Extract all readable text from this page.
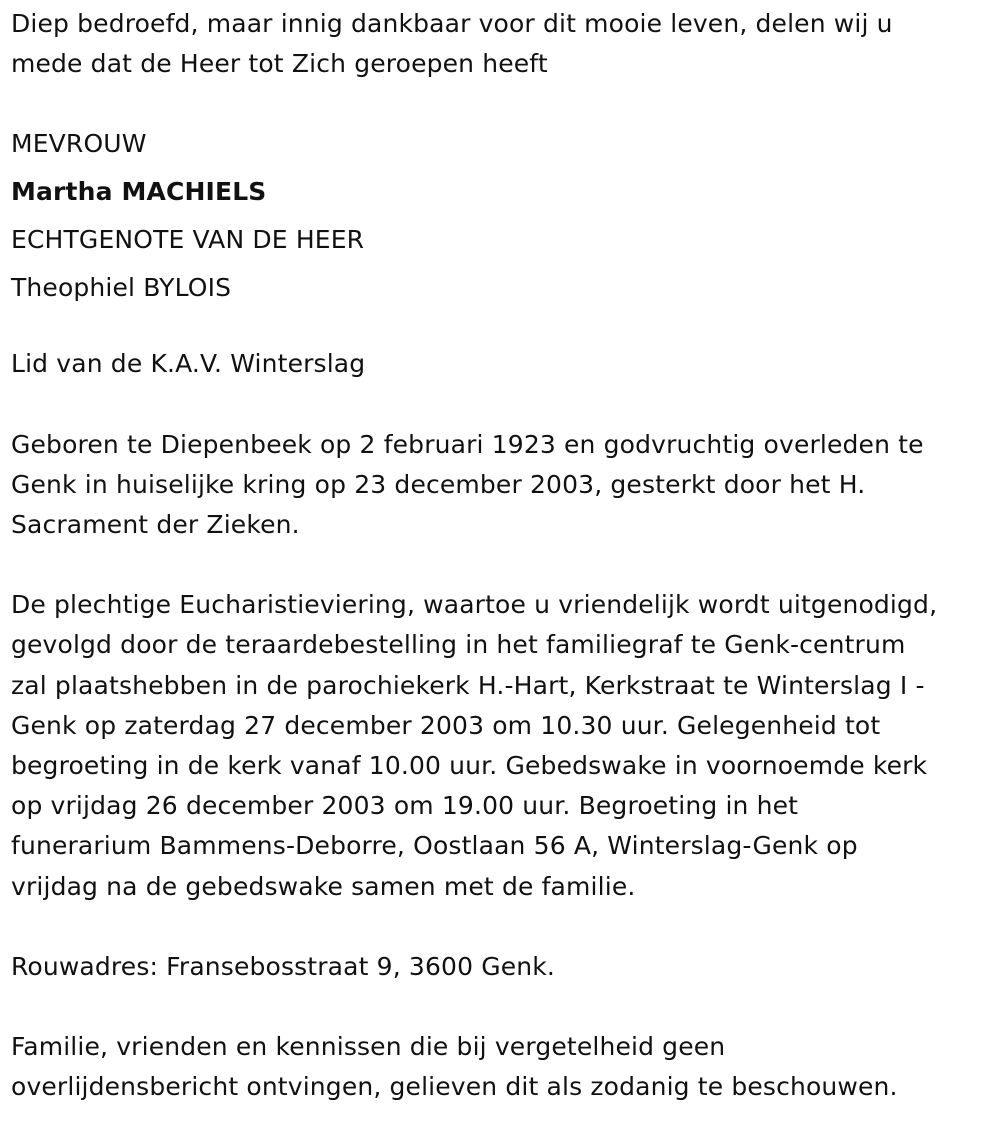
Diep bedroefd, maar innig dankbaar voor dit mooie leven, delen wij u

mede dat de Heer tot Zich geroepen heeft

MEVROUW

Martha MACHIELS

ECHTGENOTE VAN DE HEER

Theophiel BYLOIS

Lid van de K.A.V. Winterslag

Geboren te Diepenbeek op 2 februari 1923 en godvruchtig overleden te

Genk in huiselijke kring op 23 december 2003, gesterkt door het H.

Sacrament der Zieken.

De plechtige Eucharistieviering, waartoe u vriendelijk wordt uitgenodigd,

gevolgd door de teraardebestelling in het familiegraf te Genk-centrum

zal plaatshebben in de parochiekerk H.-Hart, Kerkstraat te Winterslag I -

Genk op zaterdag 27 december 2003 om 10.30 uur. Gelegenheid tot

begroeting in de kerk vanaf 10.00 uur. Gebedswake in voornoemde kerk

op vrijdag 26 december 2003 om 19.00 uur. Begroeting in het

funerarium Bammens-Deborre, Oostlaan 56 A, Winterslag-Genk op

vrijdag na de gebedswake samen met de familie.

Rouwadres: Fransebosstraat 9, 3600 Genk.

Familie, vrienden en kennissen die bij vergetelheid geen

overlijdensbericht ontvingen, gelieven dit als zodanig te beschouwen.
